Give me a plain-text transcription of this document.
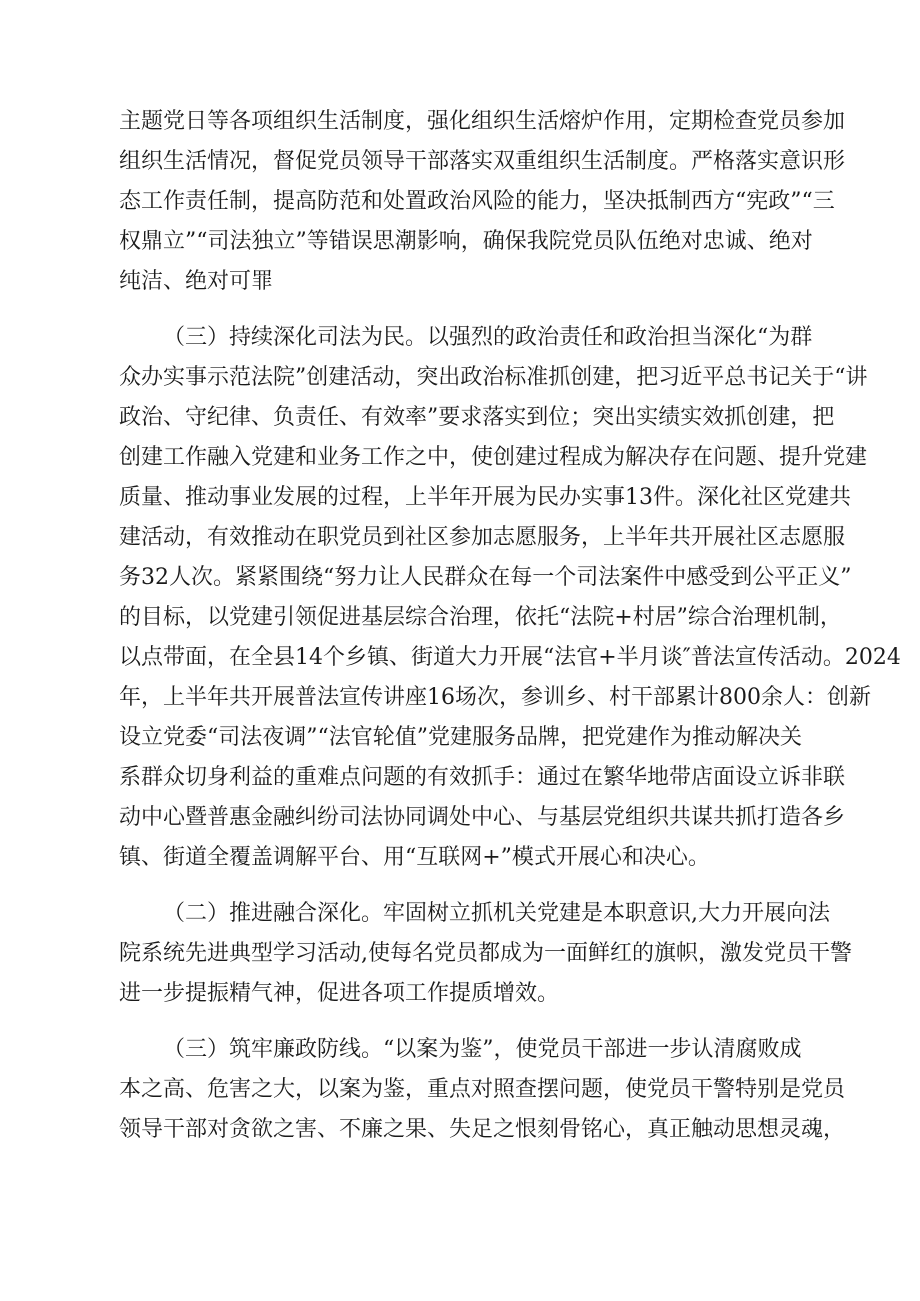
主题党日等各项组织生活制度，强化组织生活熔炉作用，定期检查党员参加
组织生活情况，督促党员领导干部落实双重组织生活制度。严格落实意识形
态工作责任制，提高防范和处置政治风险的能力，坚决抵制西方“宪政”“三
权鼎立”“司法独立”等错误思潮影响，确保我院党员队伍绝对忠诚、绝对
纯洁、绝对可罪
（三）持续深化司法为民。以强烈的政治责任和政治担当深化“为群
众办实事示范法院”创建活动，突出政治标准抓创建，把习近平总书记关于“讲
政治、守纪律、负责任、有效率”要求落实到位；突出实绩实效抓创建，把
创建工作融入党建和业务工作之中，使创建过程成为解决存在问题、提升党建
质量、推动事业发展的过程，上半年开展为民办实事13件。深化社区党建共
建活动，有效推动在职党员到社区参加志愿服务，上半年共开展社区志愿服
务32人次。紧紧围绕“努力让人民群众在每一个司法案件中感受到公平正义”
的目标，以党建引领促进基层综合治理，依托“法院+村居”综合治理机制，
以点带面，在全县14个乡镇、街道大力开展“法官+半月谈″普法宣传活动。2024
年，上半年共开展普法宣传讲座16场次，参训乡、村干部累计800余人：创新
设立党委“司法夜调”“法官轮值”党建服务品牌，把党建作为推动解决关
系群众切身利益的重难点问题的有效抓手：通过在繁华地带店面设立诉非联
动中心暨普惠金融纠纷司法协同调处中心、与基层党组织共谋共抓打造各乡
镇、街道全覆盖调解平台、用“互联网+”模式开展心和决心。
（二）推进融合深化。牢固树立抓机关党建是本职意识,大力开展向法
院系统先进典型学习活动,使每名党员都成为一面鲜红的旗帜，激发党员干警
进一步提振精气神，促进各项工作提质增效。
（三）筑牢廉政防线。“以案为鉴”，使党员干部进一步认清腐败成
本之高、危害之大，以案为鉴，重点对照查摆问题，使党员干警特别是党员
领导干部对贪欲之害、不廉之果、失足之恨刻骨铭心，真正触动思想灵魂，
